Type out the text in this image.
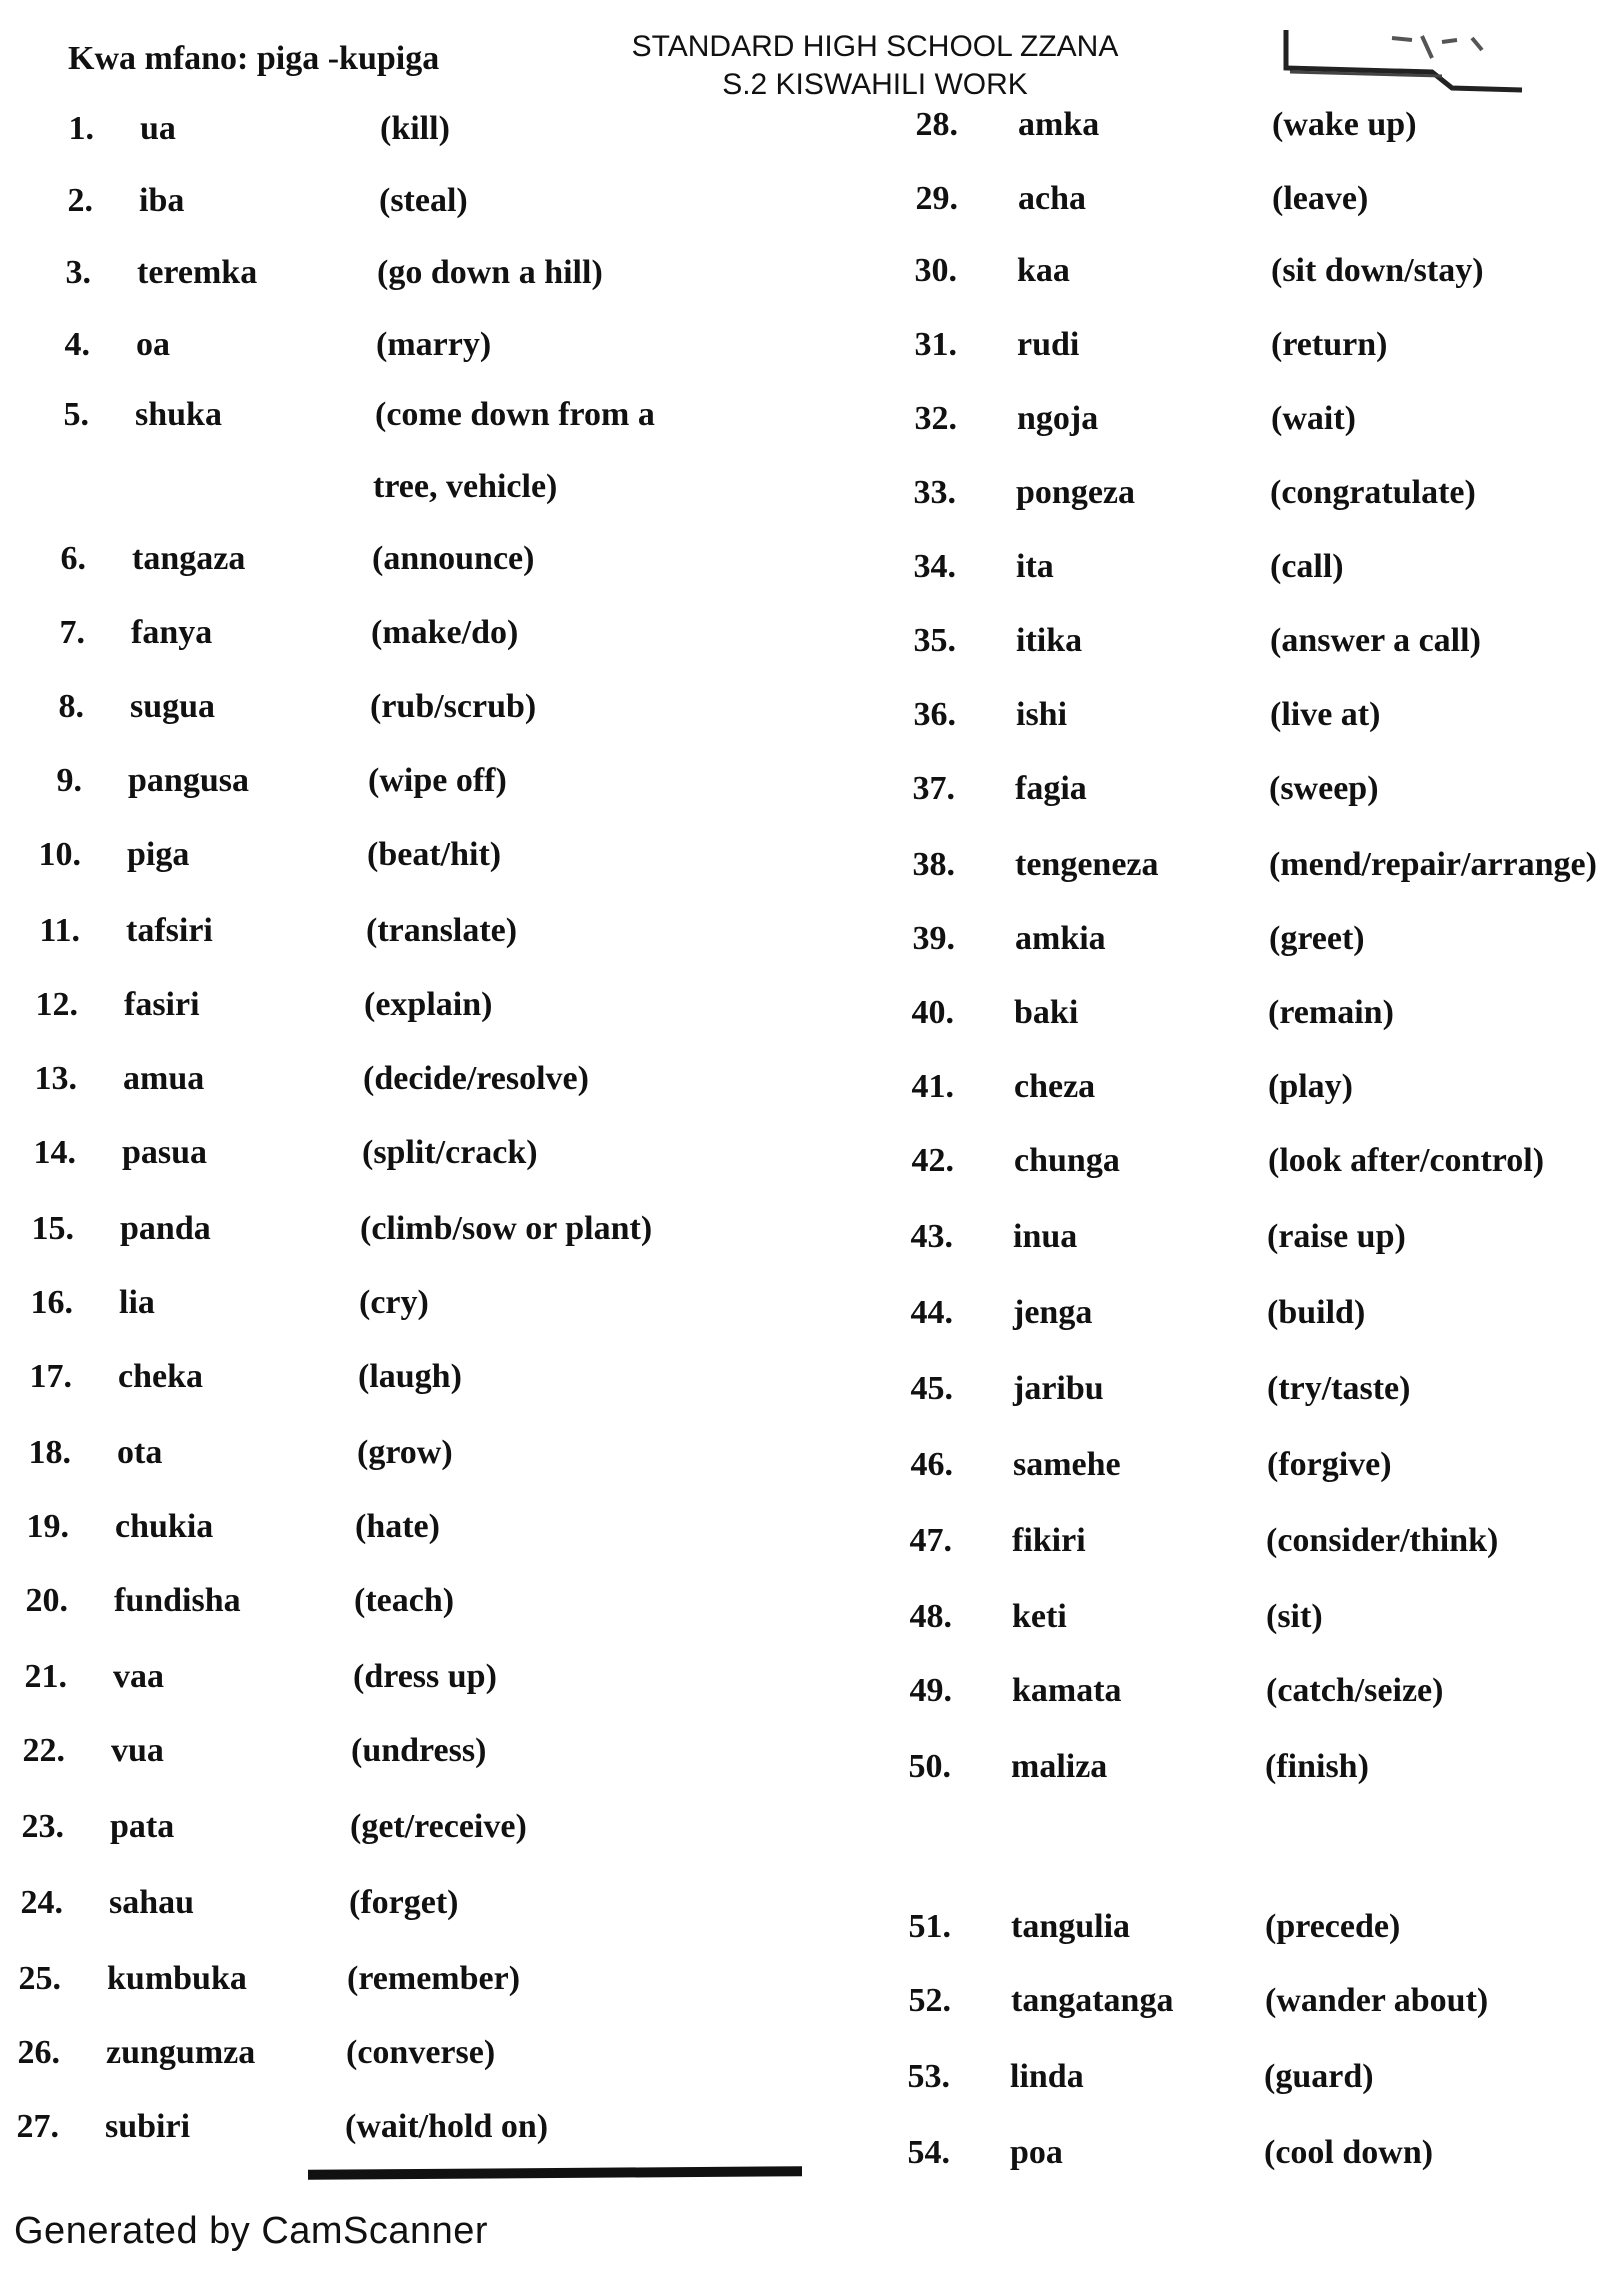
STANDARD HIGH SCHOOL ZZANA
S.2 KISWAHILI WORK
Kwa mfano: piga -kupiga
1. ua	(kill)
2. iba	(steal)
3. teremka	(go down a hill)
4. oa	(marry)
5. shuka	(come down from a
tree, vehicle)
6. tangaza	(announce)
7. fanya	(make/do)
8. sugua	(rub/scrub)
9. pangusa	(wipe off)
10. piga	(beat/hit)
11. tafsiri	(translate)
12. fasiri	(explain)
13. amua	(decide/resolve)
14. pasua	(split/crack)
15. panda	(climb/sow or plant)
16. lia	(cry)
17. cheka	(laugh)
18. ota	(grow)
19. chukia	(hate)
20. fundisha	(teach)
21. vaa	(dress up)
22. vua	(undress)
23. pata	(get/receive)
24. sahau	(forget)
25. kumbuka	(remember)
26. zungumza	(converse)
27. subiri	(wait/hold on)
28. amka	(wake up)
29. acha	(leave)
30. kaa	(sit down/stay)
31. rudi	(return)
32. ngoja	(wait)
33. pongeza	(congratulate)
34. ita	(call)
35. itika	(answer a call)
36. ishi	(live at)
37. fagia	(sweep)
38. tengeneza	(mend/repair/arrange)
39. amkia	(greet)
40. baki	(remain)
41. cheza	(play)
42. chunga	(look after/control)
43. inua	(raise up)
44. jenga	(build)
45. jaribu	(try/taste)
46. samehe	(forgive)
47. fikiri	(consider/think)
48. keti	(sit)
49. kamata	(catch/seize)
50. maliza	(finish)
51. tangulia	(precede)
52. tangatanga	(wander about)
53. linda	(guard)
54. poa	(cool down)
Generated by CamScanner
